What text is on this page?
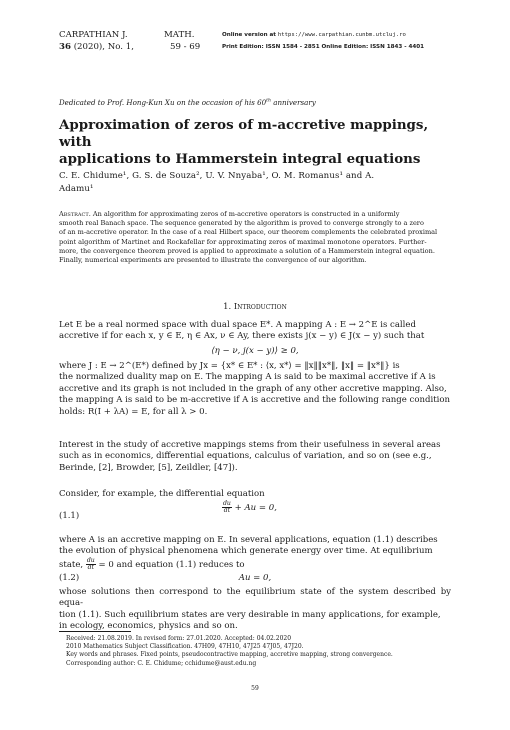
CARPATHIAN J.	MATH.
36 (2020), No. 1,	59 - 69
Online version at https://www.carpathian.cunbm.utcluj.ro
Print Edition: ISSN 1584 - 2851 Online Edition: ISSN 1843 - 4401
Dedicated to Prof. Hong-Kun Xu on the occasion of his 60th anniversary
Approximation of zeros of m-accretive mappings, with
applications to Hammerstein integral equations
C. E. Chidume¹, G. S. de Souza², U. V. Nnyaba¹, O. M. Romanus¹ and A.
Adamu¹
Abstract. An algorithm for approximating zeros of m-accretive operators is constructed in a uniformly
smooth real Banach space. The sequence generated by the algorithm is proved to converge strongly to a zero
of an m-accretive operator. In the case of a real Hilbert space, our theorem complements the celebrated proximal
point algorithm of Martinet and Rockafellar for approximating zeros of maximal monotone operators. Further-
more, the convergence theorem proved is applied to approximate a solution of a Hammerstein integral equation.
Finally, numerical experiments are presented to illustrate the convergence of our algorithm.
1. Introduction
Let E be a real normed space with dual space E*. A mapping A : E → 2^E is called
accretive if for each x, y ∈ E, η ∈ Ax, ν ∈ Ay, there exists j(x − y) ∈ J(x − y) such that
⟨η − ν, j(x − y)⟩ ≥ 0,
where J : E → 2^(E*) defined by Jx = {x* ∈ E* : ⟨x, x*⟩ = ‖x‖‖x*‖, ‖x‖ = ‖x*‖} is
the normalized duality map on E. The mapping A is said to be maximal accretive if A is
accretive and its graph is not included in the graph of any other accretive mapping. Also,
the mapping A is said to be m-accretive if A is accretive and the following range condition
holds: R(I + λA) = E, for all λ > 0.
Interest in the study of accretive mappings stems from their usefulness in several areas
such as in economics, differential equations, calculus of variation, and so on (see e.g.,
Berinde, [2], Browder, [5], Zeildler, [47]).
Consider, for example, the differential equation
(1.1)
$\frac{du}{dt} + Au = 0$,
where A is an accretive mapping on E. In several applications, equation (1.1) describes
the evolution of physical phenomena which generate energy over time. At equilibrium
state, $\frac{du}{dt} = 0$ and equation (1.1) reduces to
(1.2)	Au = 0,
whose solutions then correspond to the equilibrium state of the system described by equa-
tion (1.1). Such equilibrium states are very desirable in many applications, for example,
in ecology, economics, physics and so on.
Received: 21.08.2019. In revised form: 27.01.2020. Accepted: 04.02.2020
2010 Mathematics Subject Classification. 47H09, 47H10, 47J25 47J05, 47J20.
Key words and phrases. Fixed points, pseudocontractive mapping, accretive mapping, strong convergence.
Corresponding author: C. E. Chidume; cchidume@aust.edu.ng
59
